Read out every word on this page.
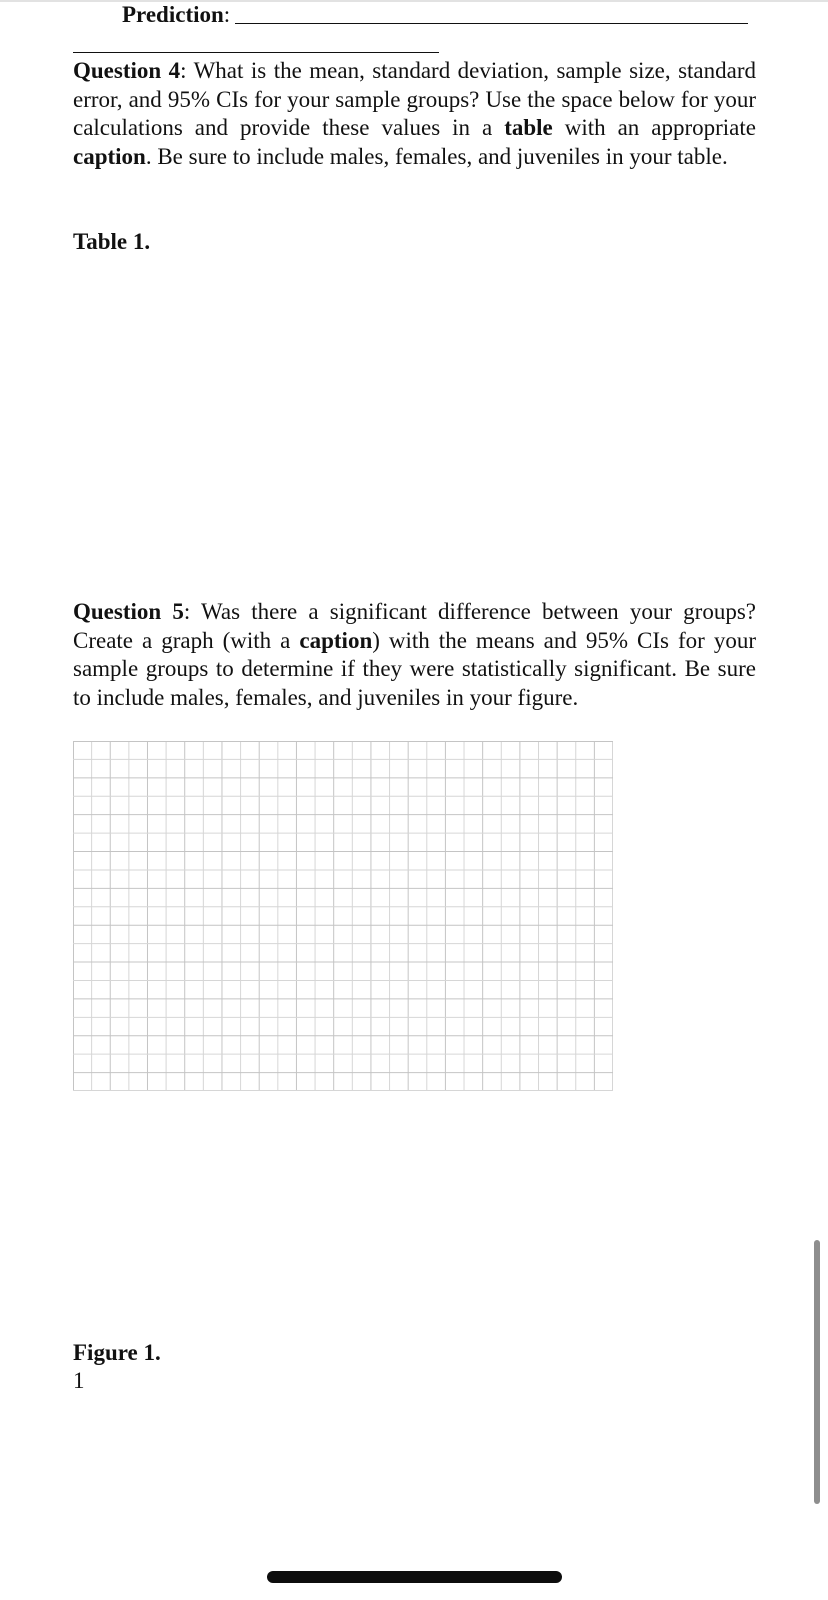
Prediction:
Question 4: What is the mean, standard deviation, sample size, standard error, and 95% CIs for your sample groups? Use the space below for your calculations and provide these values in a table with an appropriate caption. Be sure to include males, females, and juveniles in your table.
Table 1.
Question 5: Was there a significant difference between your groups? Create a graph (with a caption) with the means and 95% CIs for your sample groups to determine if they were statistically significant. Be sure to include males, females, and juveniles in your figure.
Figure 1.
1
